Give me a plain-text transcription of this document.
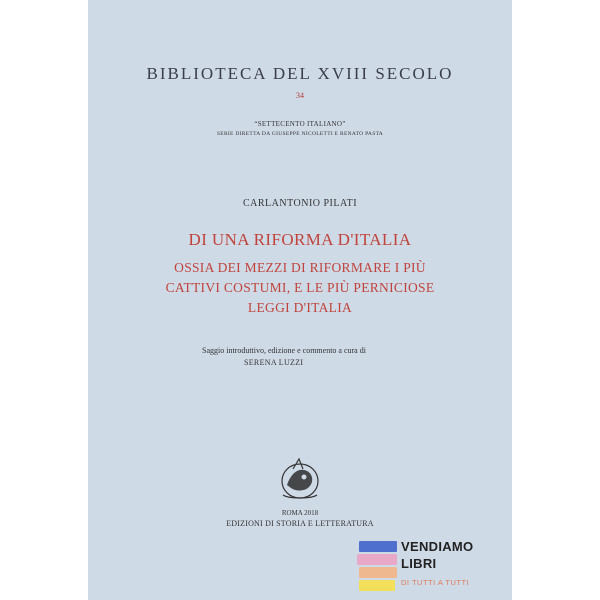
BIBLIOTECA DEL XVIII SECOLO
34
“SETTECENTO ITALIANO”
SERIE DIRETTA DA GIUSEPPE NICOLETTI E RENATO PASTA
CARLANTONIO PILATI
DI UNA RIFORMA D'ITALIA
OSSIA DEI MEZZI DI RIFORMARE I PIÙ
CATTIVI COSTUMI, E LE PIÙ PERNICIOSE
LEGGI D'ITALIA
Saggio introduttivo, edizione e commento a cura di
SERENA LUZZI
ROMA 2018
EDIZIONI DI STORIA E LETTERATURA
VENDIAMO
LIBRI
DI TUTTI A TUTTI
